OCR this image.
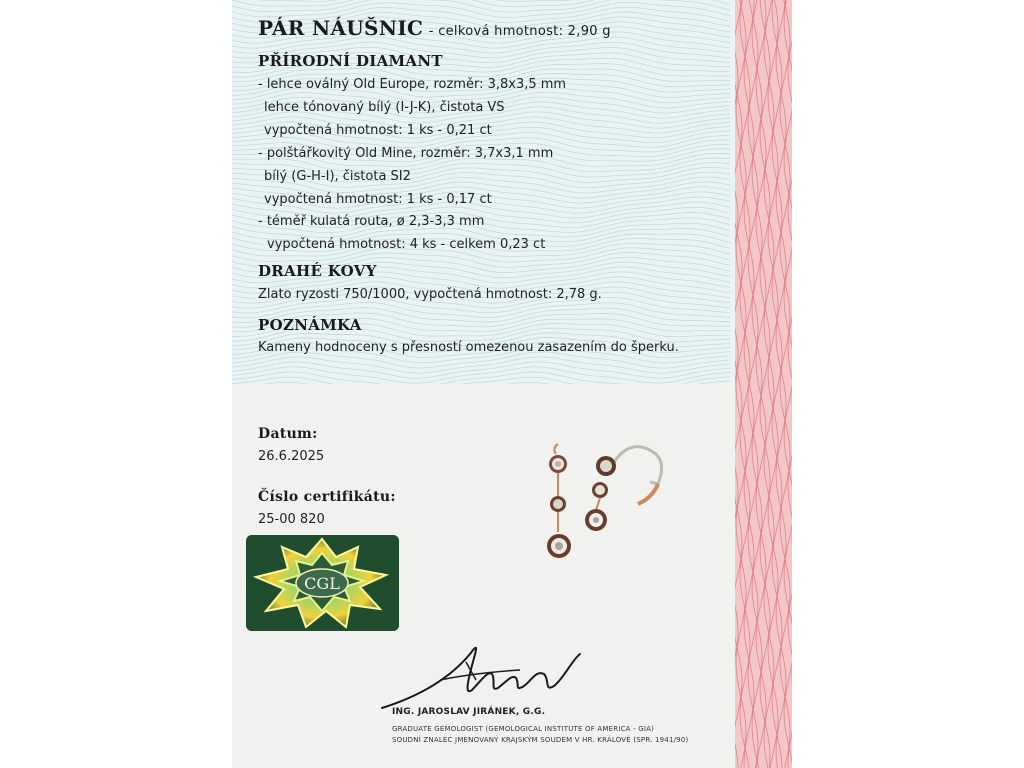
PÁR NÁUŠNIC - celková hmotnost: 2,90 g
PŘÍRODNÍ DIAMANT
- lehce oválný Old Europe, rozměr: 3,8x3,5 mm
lehce tónovaný bílý (I-J-K), čistota VS
vypočtená hmotnost: 1 ks - 0,21 ct
- polštářkovitý Old Mine, rozměr: 3,7x3,1 mm
bílý (G-H-I), čistota SI2
vypočtená hmotnost: 1 ks - 0,17 ct
- téměř kulatá routa, ø 2,3-3,3 mm
vypočtená hmotnost: 4 ks - celkem 0,23 ct
DRAHÉ KOVY
Zlato ryzosti 750/1000, vypočtená hmotnost: 2,78 g.
POZNÁMKA
Kameny hodnoceny s přesností omezenou zasazením do šperku.
Datum:
26.6.2025
Číslo certifikátu:
25-00 820
CGL
ING. JAROSLAV JIRÁNEK, G.G.
GRADUATE GEMOLOGIST (GEMOLOGICAL INSTITUTE OF AMERICA - GIA)
SOUDNÍ ZNALEC JMENOVANÝ KRAJSKÝM SOUDEM V HR. KRÁLOVÉ (SPR. 1941/90)
